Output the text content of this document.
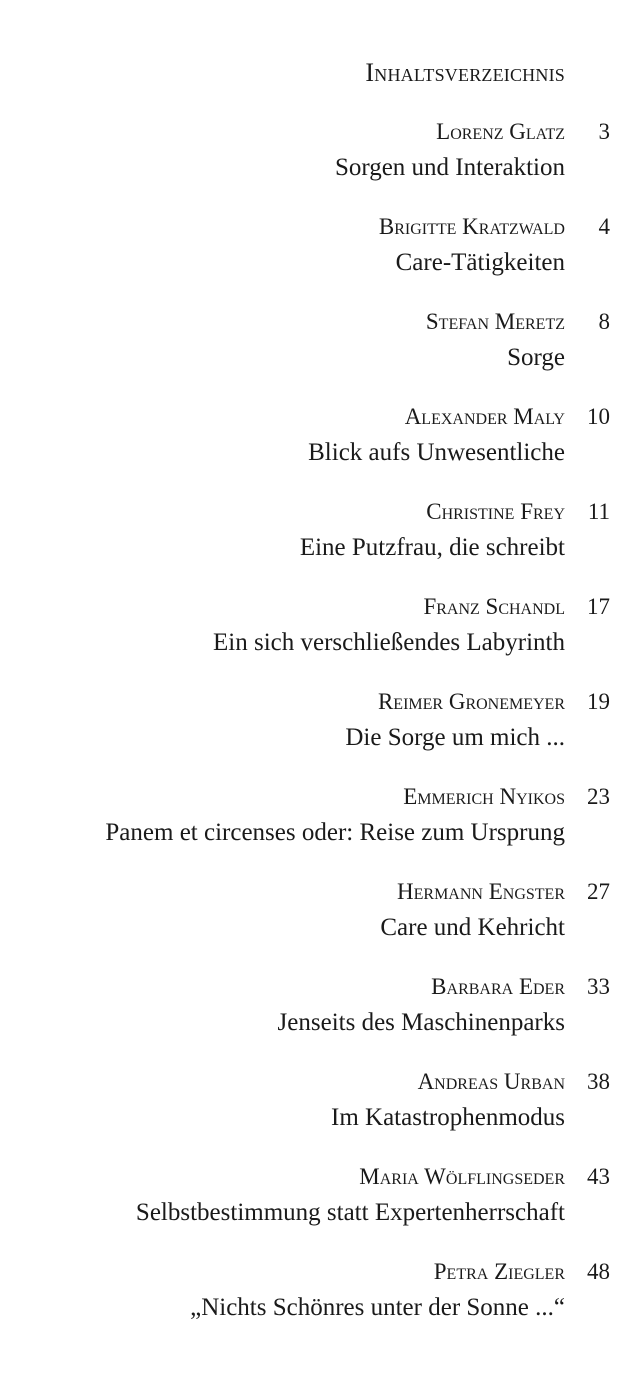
Inhaltsverzeichnis
Lorenz Glatz 3
Sorgen und Interaktion
Brigitte Kratzwald 4
Care-Tätigkeiten
Stefan Meretz 8
Sorge
Alexander Maly 10
Blick aufs Unwesentliche
Christine Frey 11
Eine Putzfrau, die schreibt
Franz Schandl 17
Ein sich verschließendes Labyrinth
Reimer Gronemeyer 19
Die Sorge um mich ...
Emmerich Nyikos 23
Panem et circenses oder: Reise zum Ursprung
Hermann Engster 27
Care und Kehricht
Barbara Eder 33
Jenseits des Maschinenparks
Andreas Urban 38
Im Katastrophenmodus
Maria Wölflingseder 43
Selbstbestimmung statt Expertenherrschaft
Petra Ziegler 48
„Nichts Schönres unter der Sonne ...“
